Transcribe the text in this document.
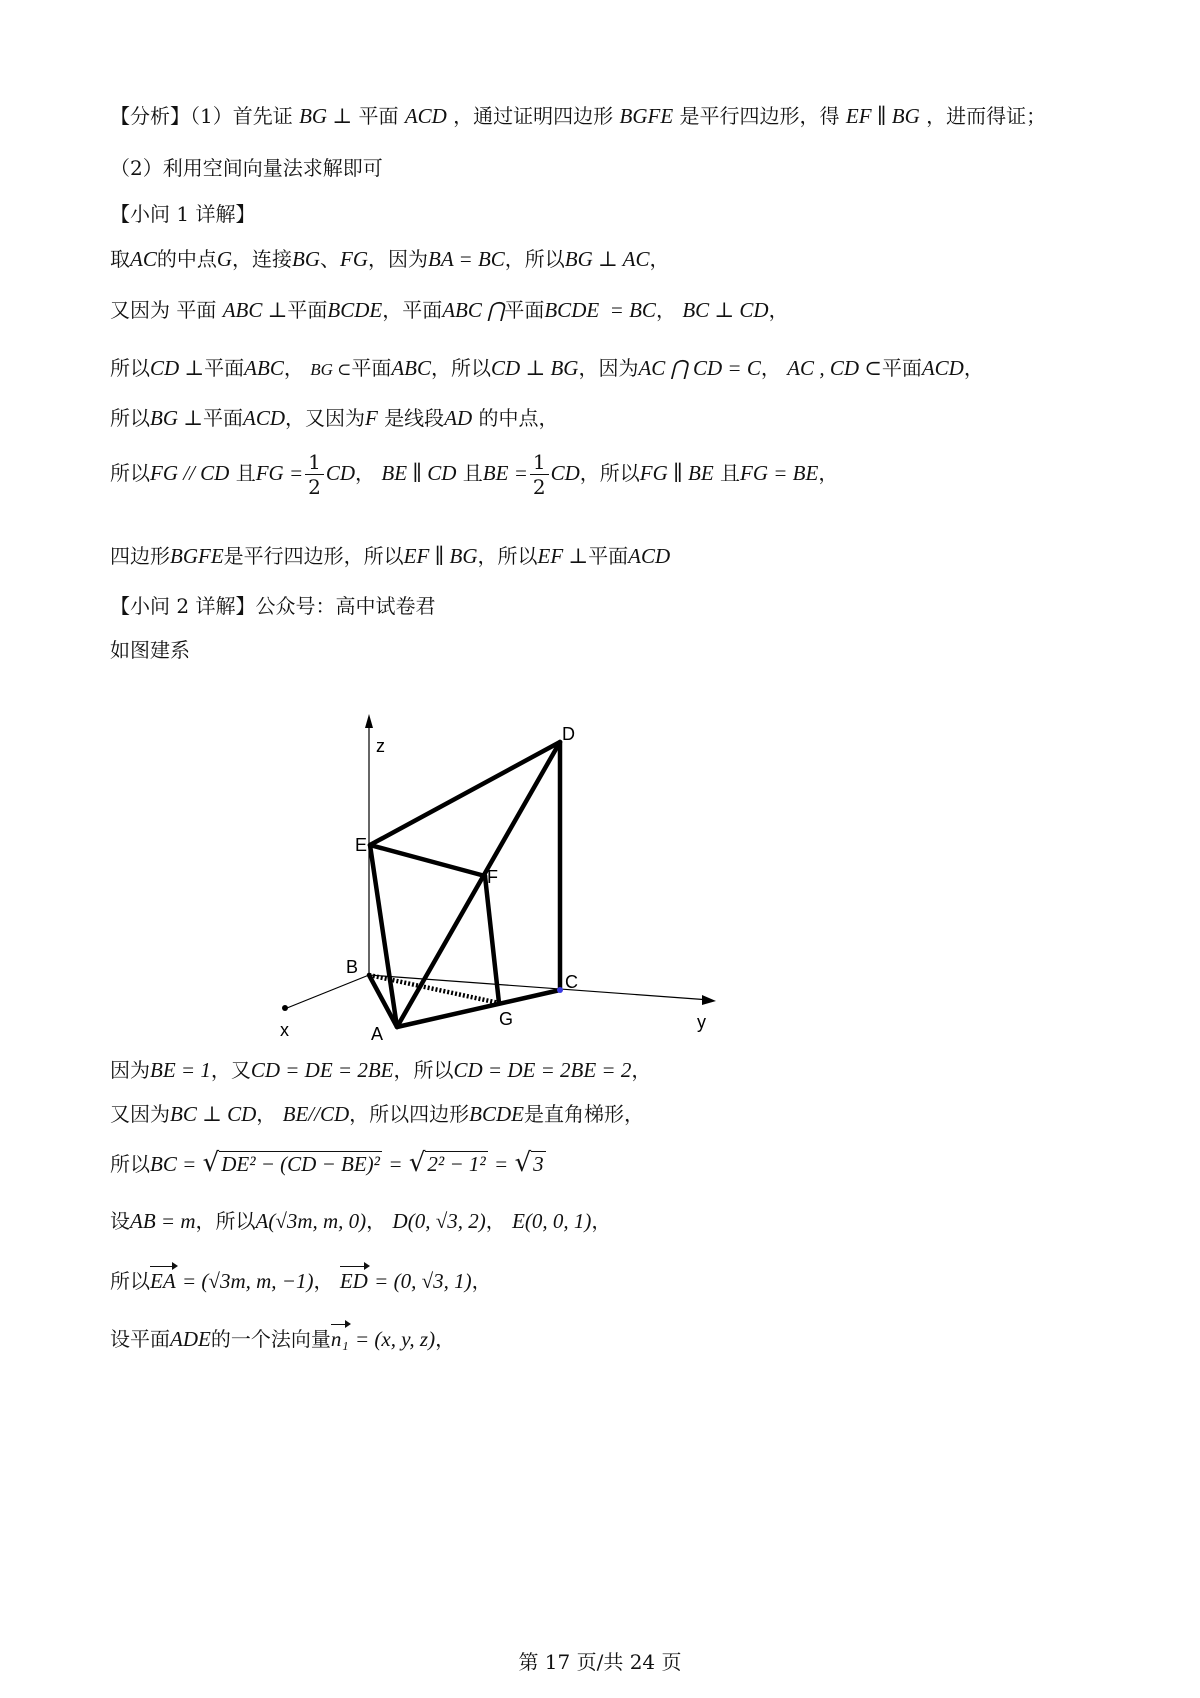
【分析】（1）首先证 BG ⊥ 平面 ACD ，通过证明四边形 BGFE 是平行四边形，得 EF ∥ BG ，进而得证；
（2）利用空间向量法求解即可
【小问 1 详解】
取AC的中点G，连接BG、FG，因为BA = BC，所以BG ⊥ AC，
又因为 平面 ABC ⊥平面BCDE，平面ABC ⋂平面BCDE  = BC， BC ⊥ CD，
所以CD ⊥平面ABC， BG ⊂平面ABC，所以CD ⊥ BG，因为AC ⋂ CD = C， AC , CD ⊂平面ACD，
所以BG ⊥平面ACD，又因为F 是线段AD 的中点，
所以FG // CD 且FG = $\frac{1}{2}$ CD， BE ∥ CD 且BE = $\frac{1}{2}$ CD，所以FG ∥ BE 且FG = BE，
四边形BGFE是平行四边形，所以EF ∥ BG，所以EF ⊥平面ACD
【小问 2 详解】公众号：高中试卷君
如图建系
z
D
E
F
B
C
x	A
G	y
因为BE = 1，又CD = DE = 2BE，所以CD = DE = 2BE = 2，
又因为BC ⊥ CD， BE//CD，所以四边形BCDE是直角梯形，
所以BC = √DE² − (CD − BE)² = √2² − 1² = √3
设AB = m，所以A(√3m, m, 0)， D(0, √3, 2)， E(0, 0, 1)，
所以EA = (√3m, m, −1)， ED = (0, √3, 1)，
设平面ADE的一个法向量n₁ = (x, y, z)，
第 17 页/共 24 页
